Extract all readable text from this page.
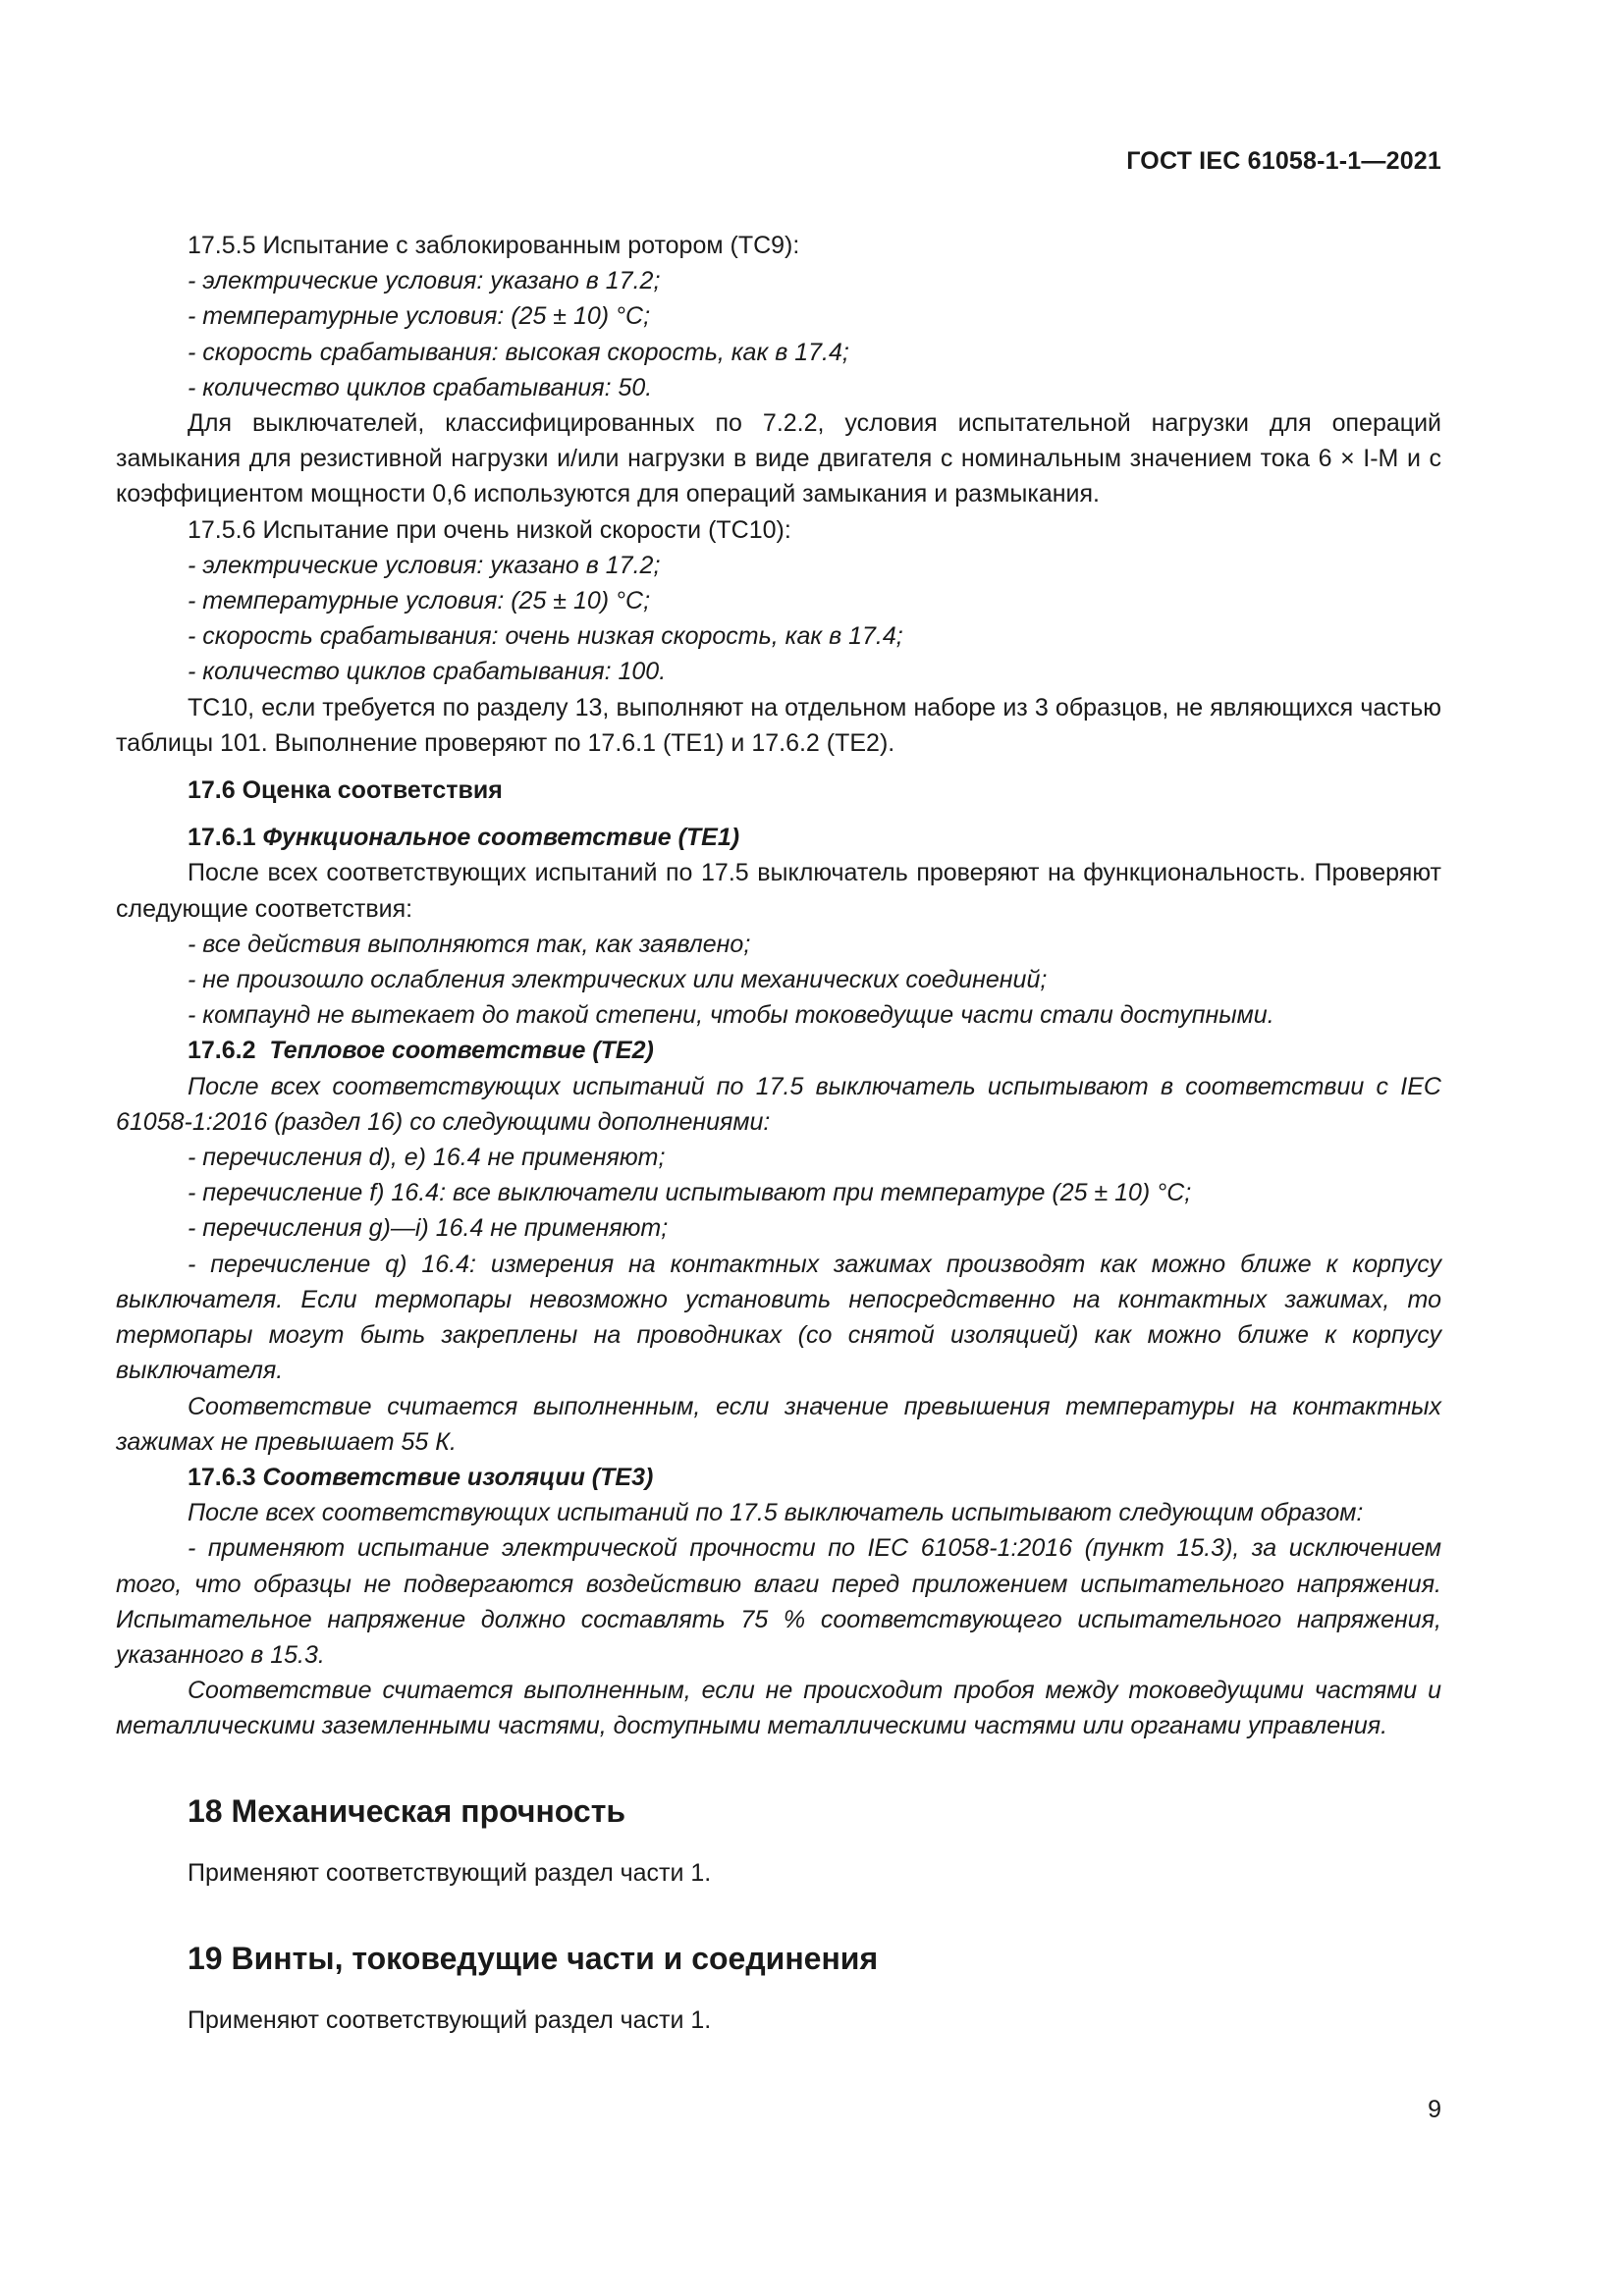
ГОСТ IEC 61058-1-1—2021

17.5.5 Испытание с заблокированным ротором (TC9):

- электрические условия: указано в 17.2;

- температурные условия: (25 ± 10) °С;

- скорость срабатывания: высокая скорость, как в 17.4;

- количество циклов срабатывания: 50.

Для выключателей, классифицированных по 7.2.2, условия испытательной нагрузки для операций замыкания для резистивной нагрузки и/или нагрузки в виде двигателя с номинальным значением тока 6 × I-M и с коэффициентом мощности 0,6 используются для операций замыкания и размыкания.

17.5.6 Испытание при очень низкой скорости (TC10):

- электрические условия: указано в 17.2;

- температурные условия: (25 ± 10) °С;

- скорость срабатывания: очень низкая скорость, как в 17.4;

- количество циклов срабатывания: 100.

TC10, если требуется по разделу 13, выполняют на отдельном наборе из 3 образцов, не являющихся частью таблицы 101. Выполнение проверяют по 17.6.1 (ТЕ1) и 17.6.2 (ТЕ2).

17.6 Оценка соответствия

17.6.1 Функциональное соответствие (ТЕ1)

После всех соответствующих испытаний по 17.5 выключатель проверяют на функциональность. Проверяют следующие соответствия:

- все действия выполняются так, как заявлено;

- не произошло ослабления электрических или механических соединений;

- компаунд не вытекает до такой степени, чтобы токоведущие части стали доступными.

17.6.2 Тепловое соответствие (ТЕ2)

После всех соответствующих испытаний по 17.5 выключатель испытывают в соответствии с IEC 61058-1:2016 (раздел 16) со следующими дополнениями:

- перечисления d), е) 16.4 не применяют;

- перечисление f) 16.4: все выключатели испытывают при температуре (25 ± 10) °С;

- перечисления g)—i) 16.4 не применяют;

- перечисление q) 16.4: измерения на контактных зажимах производят как можно ближе к корпусу выключателя. Если термопары невозможно установить непосредственно на контактных зажимах, то термопары могут быть закреплены на проводниках (со снятой изоляцией) как можно ближе к корпусу выключателя.

Соответствие считается выполненным, если значение превышения температуры на контактных зажимах не превышает 55 К.

17.6.3 Соответствие изоляции (ТЕ3)

После всех соответствующих испытаний по 17.5 выключатель испытывают следующим образом:

- применяют испытание электрической прочности по IEC 61058-1:2016 (пункт 15.3), за исключением того, что образцы не подвергаются воздействию влаги перед приложением испытательного напряжения. Испытательное напряжение должно составлять 75 % соответствующего испытательного напряжения, указанного в 15.3.

Соответствие считается выполненным, если не происходит пробоя между токоведущими частями и металлическими заземленными частями, доступными металлическими частями или органами управления.

18 Механическая прочность

Применяют соответствующий раздел части 1.

19 Винты, токоведущие части и соединения

Применяют соответствующий раздел части 1.

9
